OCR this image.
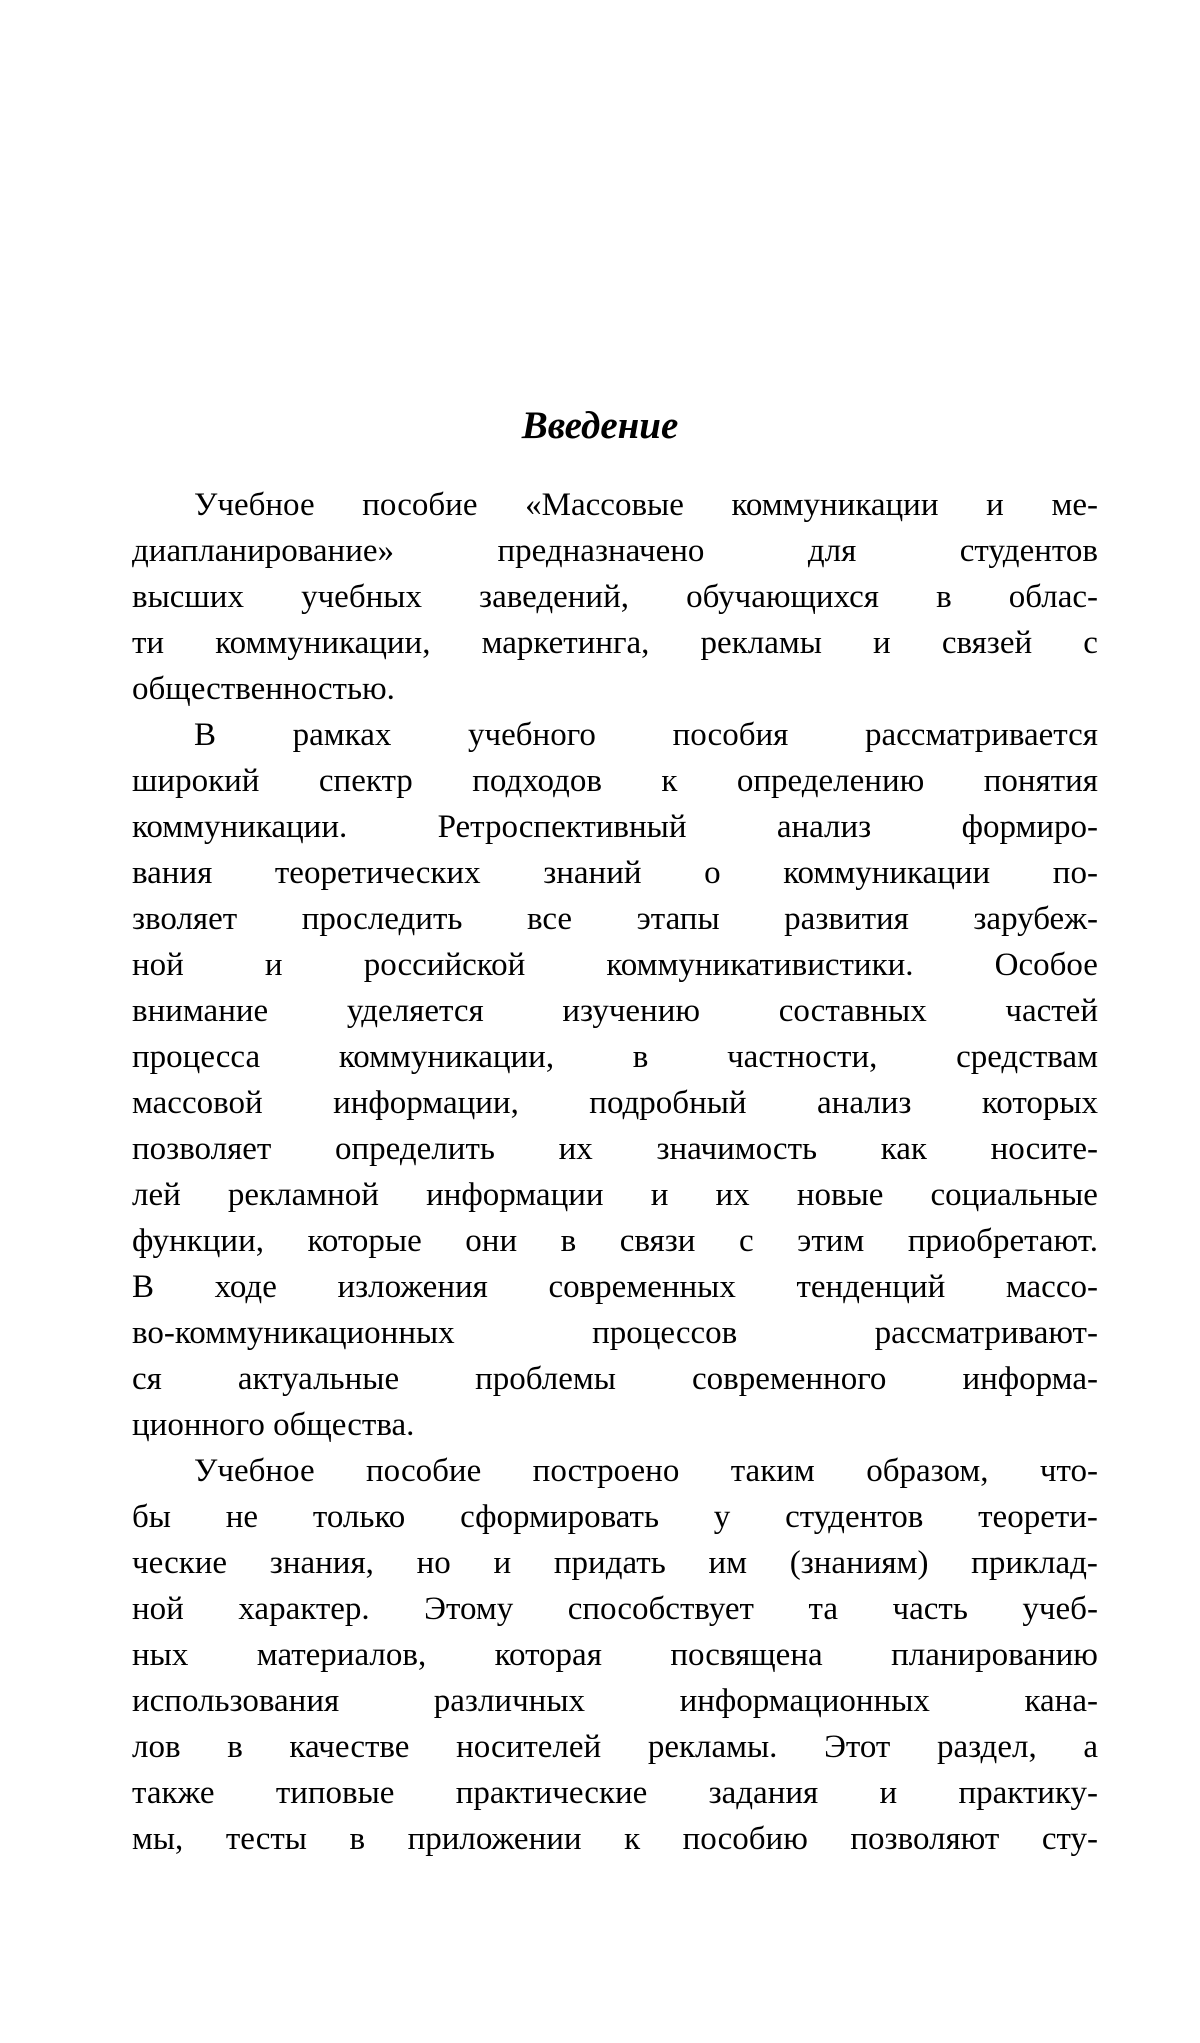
Введение
Учебное пособие «Массовые коммуникации и ме-
диапланирование»	предназначено	для	студентов
высших учебных заведений, обучающихся в облас-
ти коммуникации, маркетинга, рекламы и связей с
общественностью.
В рамках учебного пособия рассматривается
широкий спектр подходов к определению понятия
коммуникации.	Ретроспективный	анализ	формиро-
вания теоретических знаний о коммуникации по-
зволяет проследить все этапы развития зарубеж-
ной и российской коммуникативистики. Особое
внимание уделяется изучению составных частей
процесса коммуникации, в частности, средствам
массовой информации, подробный анализ которых
позволяет определить их значимость как носите-
лей рекламной информации и их новые социальные
функции, которые они в связи с этим приобретают.
В ходе изложения современных тенденций массо-
во-коммуникационных	процессов	рассматривают-
ся актуальные проблемы современного информа-
ционного общества.
Учебное пособие построено таким образом, что-
бы не только сформировать у студентов теорети-
ческие знания, но и придать им (знаниям) приклад-
ной характер. Этому способствует та часть учеб-
ных материалов, которая посвящена планированию
использования	различных	информационных	кана-
лов в качестве носителей рекламы. Этот раздел, а
также типовые практические задания и практику-
мы, тесты в приложении к пособию позволяют сту-
